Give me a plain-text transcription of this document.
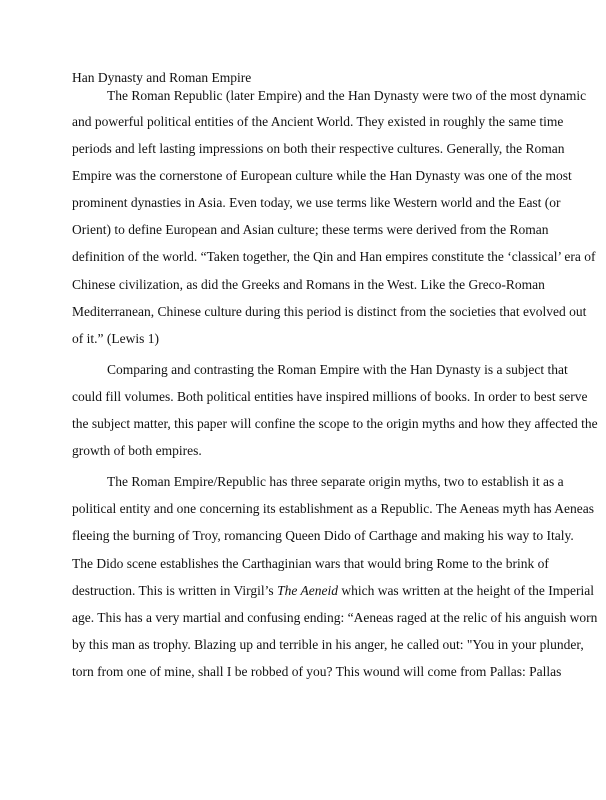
Han Dynasty and Roman Empire
The Roman Republic (later Empire) and the Han Dynasty were two of the most dynamic
and powerful political entities of the Ancient World. They existed in roughly the same time
periods and left lasting impressions on both their respective cultures. Generally, the Roman
Empire was the cornerstone of European culture while the Han Dynasty was one of the most
prominent dynasties in Asia. Even today, we use terms like Western world and the East (or
Orient) to define European and Asian culture; these terms were derived from the Roman
definition of the world. “Taken together, the Qin and Han empires constitute the ‘classical’ era of
Chinese civilization, as did the Greeks and Romans in the West. Like the Greco-Roman
Mediterranean, Chinese culture during this period is distinct from the societies that evolved out
of it.” (Lewis 1)
Comparing and contrasting the Roman Empire with the Han Dynasty is a subject that
could fill volumes. Both political entities have inspired millions of books. In order to best serve
the subject matter, this paper will confine the scope to the origin myths and how they affected the
growth of both empires.
The Roman Empire/Republic has three separate origin myths, two to establish it as a
political entity and one concerning its establishment as a Republic. The Aeneas myth has Aeneas
fleeing the burning of Troy, romancing Queen Dido of Carthage and making his way to Italy.
The Dido scene establishes the Carthaginian wars that would bring Rome to the brink of
destruction. This is written in Virgil’s The Aeneid which was written at the height of the Imperial
age. This has a very martial and confusing ending: “Aeneas raged at the relic of his anguish worn
by this man as trophy. Blazing up and terrible in his anger, he called out: "You in your plunder,
torn from one of mine, shall I be robbed of you? This wound will come from Pallas: Pallas
